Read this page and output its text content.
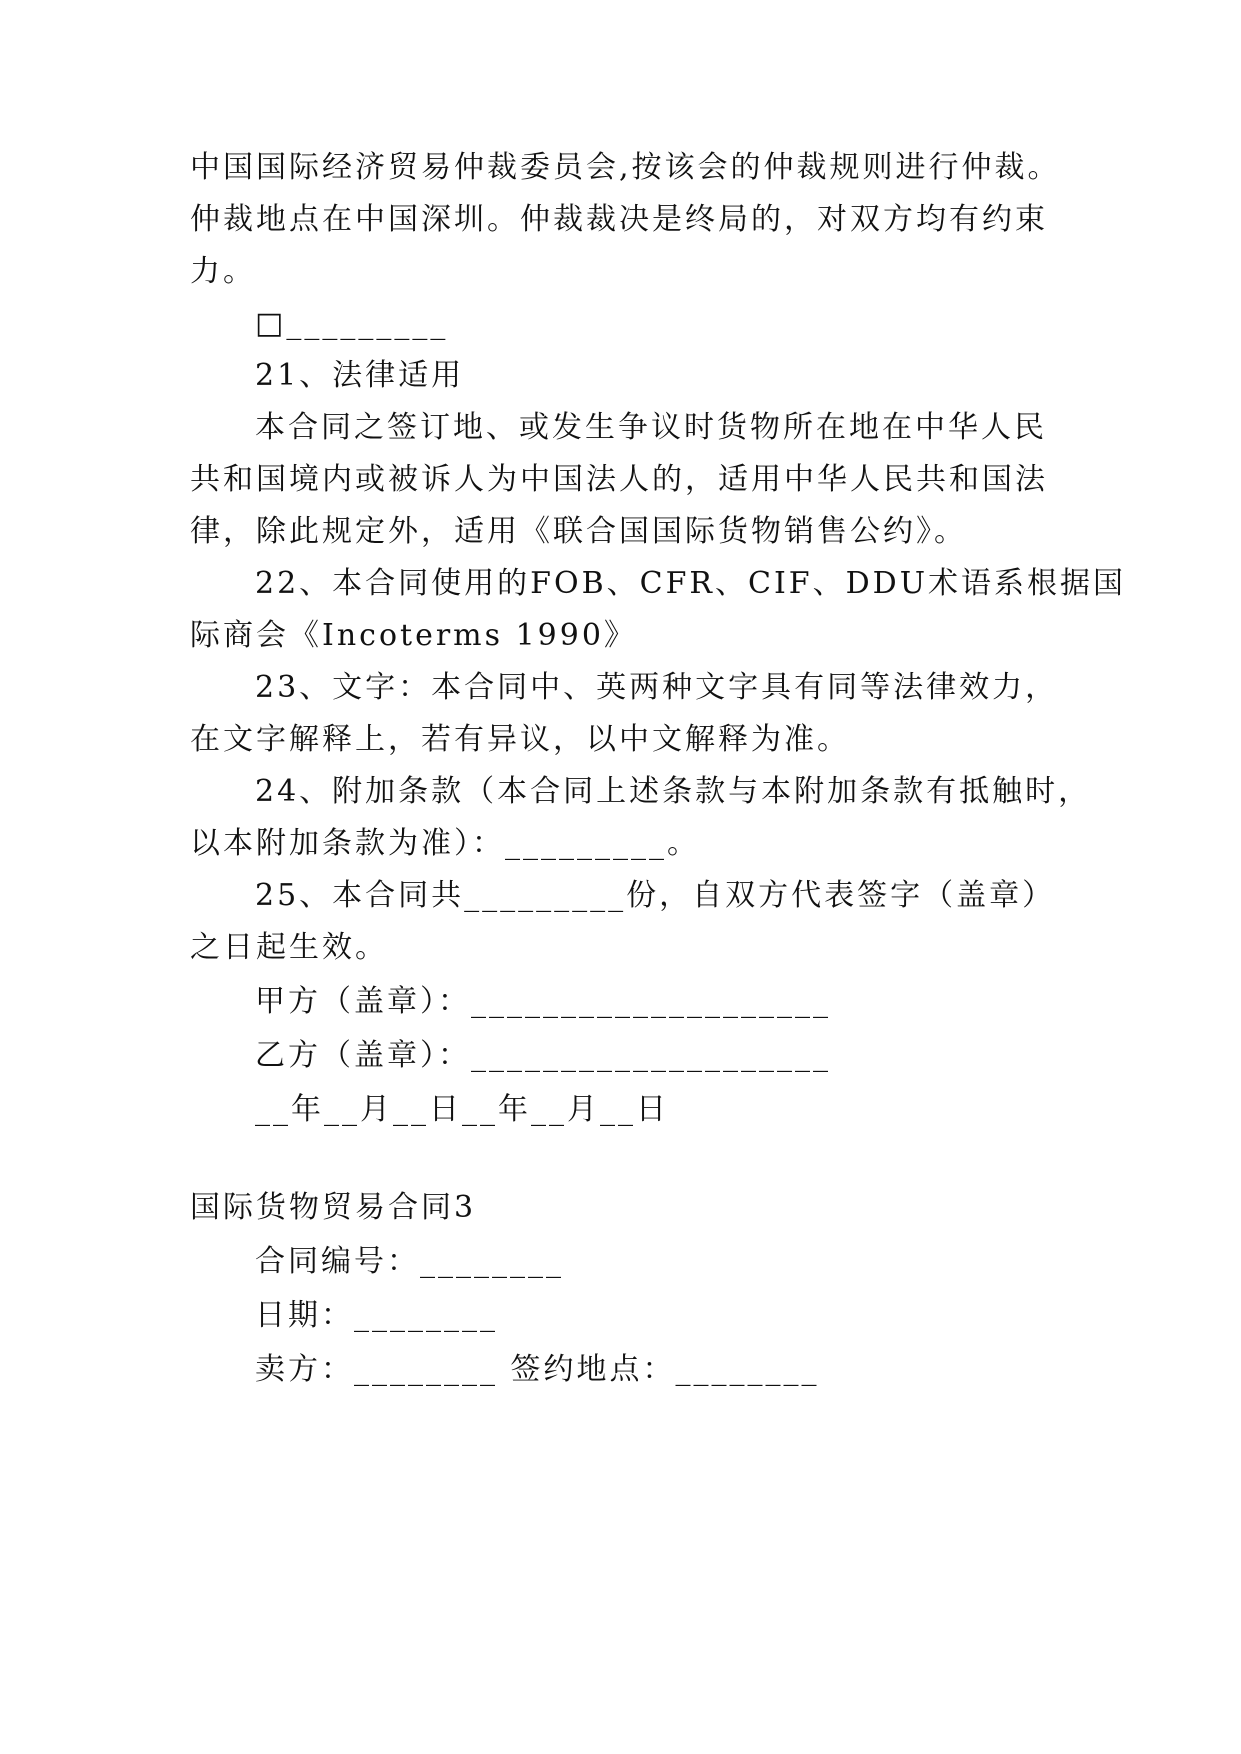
中国国际经济贸易仲裁委员会,按该会的仲裁规则进行仲裁。
仲裁地点在中国深圳。仲裁裁决是终局的，对双方均有约束
力。
□_________
21、法律适用
本合同之签订地、或发生争议时货物所在地在中华人民
共和国境内或被诉人为中国法人的，适用中华人民共和国法
律，除此规定外，适用《联合国国际货物销售公约》。
22、本合同使用的FOB、CFR、CIF、DDU术语系根据国
际商会《Incoterms 1990》
23、文字：本合同中、英两种文字具有同等法律效力，
在文字解释上，若有异议，以中文解释为准。
24、附加条款（本合同上述条款与本附加条款有抵触时，
以本附加条款为准）：_________。
25、本合同共_________份，自双方代表签字（盖章）
之日起生效。
甲方（盖章）：____________________
乙方（盖章）：____________________
__年__月__日__年__月__日
国际货物贸易合同3
合同编号：________
日期：________
卖方：________ 签约地点：________
